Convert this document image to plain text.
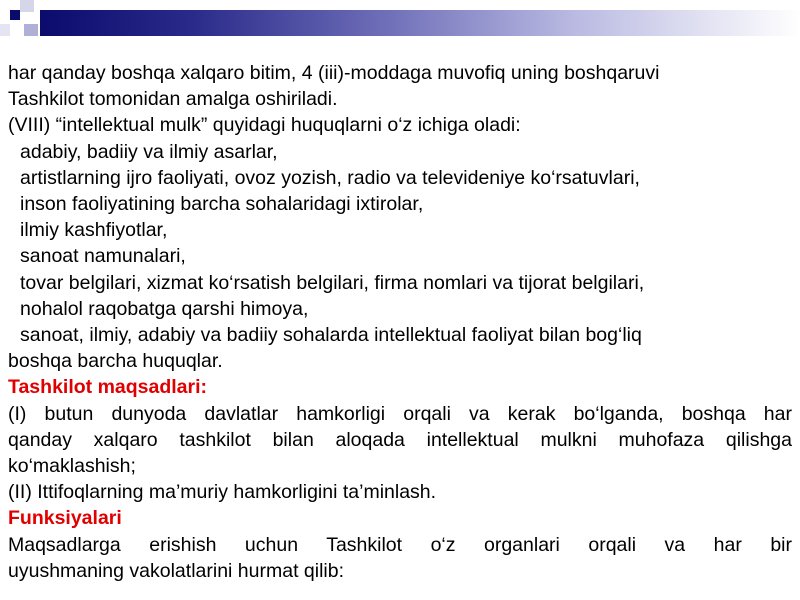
har qanday boshqa xalqaro bitim, 4 (iii)-moddaga muvofiq uning boshqaruvi
Tashkilot tomonidan amalga oshiriladi.
(VIII) “intellektual mulk” quyidagi huquqlarni o‘z ichiga oladi:
adabiy, badiiy va ilmiy asarlar,
artistlarning ijro faoliyati, ovoz yozish, radio va televideniye ko‘rsatuvlari,
inson faoliyatining barcha sohalaridagi ixtirolar,
ilmiy kashfiyotlar,
sanoat namunalari,
tovar belgilari, xizmat ko‘rsatish belgilari, firma nomlari va tijorat belgilari,
nohalol raqobatga qarshi himoya,
sanoat, ilmiy, adabiy va badiiy sohalarda intellektual faoliyat bilan bog‘liq
boshqa barcha huquqlar.
Tashkilot maqsadlari:
(I) butun dunyoda davlatlar hamkorligi orqali va kerak bo‘lganda, boshqa har
qanday xalqaro tashkilot bilan aloqada intellektual mulkni muhofaza qilishga
ko‘maklashish;
(II) Ittifoqlarning ma’muriy hamkorligini ta’minlash.
Funksiyalari
Maqsadlarga erishish uchun Tashkilot o‘z organlari orqali va har bir
uyushmaning vakolatlarini hurmat qilib:
